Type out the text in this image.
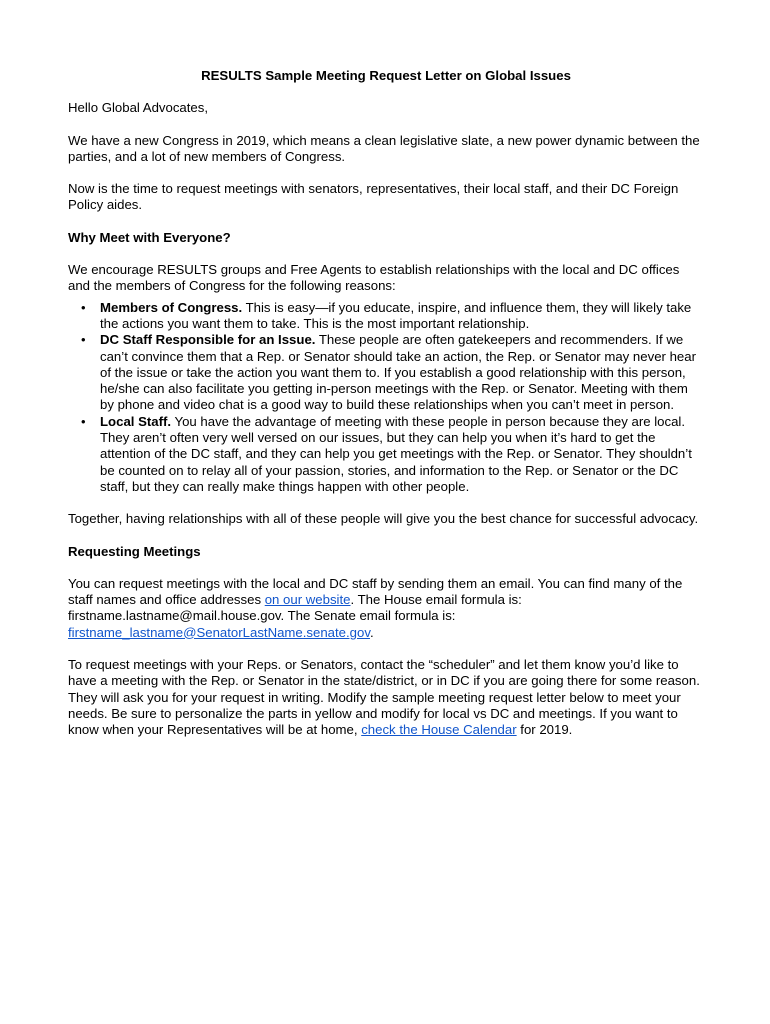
RESULTS Sample Meeting Request Letter on Global Issues

Hello Global Advocates,

We have a new Congress in 2019, which means a clean legislative slate, a new power dynamic between the parties, and a lot of new members of Congress.

Now is the time to request meetings with senators, representatives, their local staff, and their DC Foreign Policy aides.

Why Meet with Everyone?

We encourage RESULTS groups and Free Agents to establish relationships with the local and DC offices and the members of Congress for the following reasons:

• Members of Congress. This is easy—if you educate, inspire, and influence them, they will likely take the actions you want them to take. This is the most important relationship.
• DC Staff Responsible for an Issue. These people are often gatekeepers and recommenders. If we can’t convince them that a Rep. or Senator should take an action, the Rep. or Senator may never hear of the issue or take the action you want them to. If you establish a good relationship with this person, he/she can also facilitate you getting in-person meetings with the Rep. or Senator. Meeting with them by phone and video chat is a good way to build these relationships when you can’t meet in person.
• Local Staff. You have the advantage of meeting with these people in person because they are local. They aren’t often very well versed on our issues, but they can help you when it’s hard to get the attention of the DC staff, and they can help you get meetings with the Rep. or Senator. They shouldn’t be counted on to relay all of your passion, stories, and information to the Rep. or Senator or the DC staff, but they can really make things happen with other people.

Together, having relationships with all of these people will give you the best chance for successful advocacy.

Requesting Meetings

You can request meetings with the local and DC staff by sending them an email. You can find many of the staff names and office addresses on our website. The House email formula is: firstname.lastname@mail.house.gov. The Senate email formula is: firstname_lastname@SenatorLastName.senate.gov.

To request meetings with your Reps. or Senators, contact the “scheduler” and let them know you’d like to have a meeting with the Rep. or Senator in the state/district, or in DC if you are going there for some reason. They will ask you for your request in writing. Modify the sample meeting request letter below to meet your needs. Be sure to personalize the parts in yellow and modify for local vs DC and meetings. If you want to know when your Representatives will be at home, check the House Calendar for 2019.
